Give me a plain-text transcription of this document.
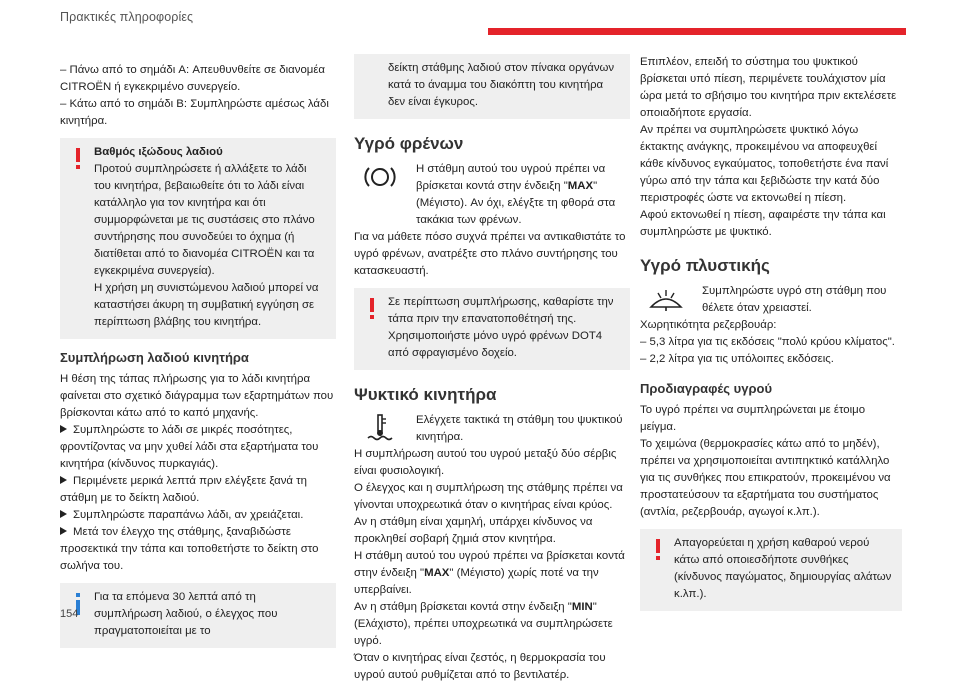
Πρακτικές πληροφορίες

– Πάνω από το σημάδι A: Απευθυνθείτε σε διανομέα CITROËN ή εγκεκριμένο συνεργείο.

– Κάτω από το σημάδι B: Συμπληρώστε αμέσως λάδι κινητήρα.

Βαθμός ιξώδους λαδιού

Προτού συμπληρώσετε ή αλλάξετε το λάδι του κινητήρα, βεβαιωθείτε ότι το λάδι είναι κατάλληλο για τον κινητήρα και ότι συμμορφώνεται με τις συστάσεις στο πλάνο συντήρησης που συνοδεύει το όχημα (ή διατίθεται από το διανομέα CITROËN και τα εγκεκριμένα συνεργεία).

Η χρήση μη συνιστώμενου λαδιού μπορεί να καταστήσει άκυρη τη συμβατική εγγύηση σε περίπτωση βλάβης του κινητήρα.

Συμπλήρωση λαδιού κινητήρα

Η θέση της τάπας πλήρωσης για το λάδι κινητήρα φαίνεται στο σχετικό διάγραμμα των εξαρτημάτων που βρίσκονται κάτω από το καπό μηχανής.

Συμπληρώστε το λάδι σε μικρές ποσότητες, φροντίζοντας να μην χυθεί λάδι στα εξαρτήματα του κινητήρα (κίνδυνος πυρκαγιάς).

Περιμένετε μερικά λεπτά πριν ελέγξετε ξανά τη στάθμη με το δείκτη λαδιού.

Συμπληρώστε παραπάνω λάδι, αν χρειάζεται.

Μετά τον έλεγχο της στάθμης, ξαναβιδώστε προσεκτικά την τάπα και τοποθετήστε το δείκτη στο σωλήνα του.

Για τα επόμενα 30 λεπτά από τη συμπλήρωση λαδιού, ο έλεγχος που πραγματοποιείται με το

δείκτη στάθμης λαδιού στον πίνακα οργάνων κατά το άναμμα του διακόπτη του κινητήρα δεν είναι έγκυρος.

Υγρό φρένων

Η στάθμη αυτού του υγρού πρέπει να βρίσκεται κοντά στην ένδειξη "MAX" (Μέγιστο). Αν όχι, ελέγξτε τη φθορά στα τακάκια των φρένων.

Για να μάθετε πόσο συχνά πρέπει να αντικαθιστάτε το υγρό φρένων, ανατρέξτε στο πλάνο συντήρησης του κατασκευαστή.

Σε περίπτωση συμπλήρωσης, καθαρίστε την τάπα πριν την επανατοποθέτησή της. Χρησιμοποιήστε μόνο υγρό φρένων DOT4 από σφραγισμένο δοχείο.

Ψυκτικό κινητήρα

Ελέγχετε τακτικά τη στάθμη του ψυκτικού κινητήρα.

Η συμπλήρωση αυτού του υγρού μεταξύ δύο σέρβις είναι φυσιολογική.

Ο έλεγχος και η συμπλήρωση της στάθμης πρέπει να γίνονται υποχρεωτικά όταν ο κινητήρας είναι κρύος.

Αν η στάθμη είναι χαμηλή, υπάρχει κίνδυνος να προκληθεί σοβαρή ζημιά στον κινητήρα.

Η στάθμη αυτού του υγρού πρέπει να βρίσκεται κοντά στην ένδειξη "MAX" (Μέγιστο) χωρίς ποτέ να την υπερβαίνει.

Αν η στάθμη βρίσκεται κοντά στην ένδειξη "MIN" (Ελάχιστο), πρέπει υποχρεωτικά να συμπληρώσετε υγρό.

Όταν ο κινητήρας είναι ζεστός, η θερμοκρασία του υγρού αυτού ρυθμίζεται από το βεντιλατέρ.

Επιπλέον, επειδή το σύστημα του ψυκτικού βρίσκεται υπό πίεση, περιμένετε τουλάχιστον μία ώρα μετά το σβήσιμο του κινητήρα πριν εκτελέσετε οποιαδήποτε εργασία.

Αν πρέπει να συμπληρώσετε ψυκτικό λόγω έκτακτης ανάγκης, προκειμένου να αποφευχθεί κάθε κίνδυνος εγκαύματος, τοποθετήστε ένα πανί γύρω από την τάπα και ξεβιδώστε την κατά δύο περιστροφές ώστε να εκτονωθεί η πίεση.

Αφού εκτονωθεί η πίεση, αφαιρέστε την τάπα και συμπληρώστε με ψυκτικό.

Υγρό πλυστικής

Συμπληρώστε υγρό στη στάθμη που θέλετε όταν χρειαστεί.

Χωρητικότητα ρεζερβουάρ:

– 5,3 λίτρα για τις εκδόσεις "πολύ κρύου κλίματος".

– 2,2 λίτρα για τις υπόλοιπες εκδόσεις.

Προδιαγραφές υγρού

Το υγρό πρέπει να συμπληρώνεται με έτοιμο μείγμα.

Το χειμώνα (θερμοκρασίες κάτω από το μηδέν), πρέπει να χρησιμοποιείται αντιπηκτικό κατάλληλο για τις συνθήκες που επικρατούν, προκειμένου να προστατεύσουν τα εξαρτήματα του συστήματος (αντλία, ρεζερβουάρ, αγωγοί κ.λπ.).

Απαγορεύεται η χρήση καθαρού νερού κάτω από οποιεσδήποτε συνθήκες (κίνδυνος παγώματος, δημιουργίας αλάτων κ.λπ.).

154
